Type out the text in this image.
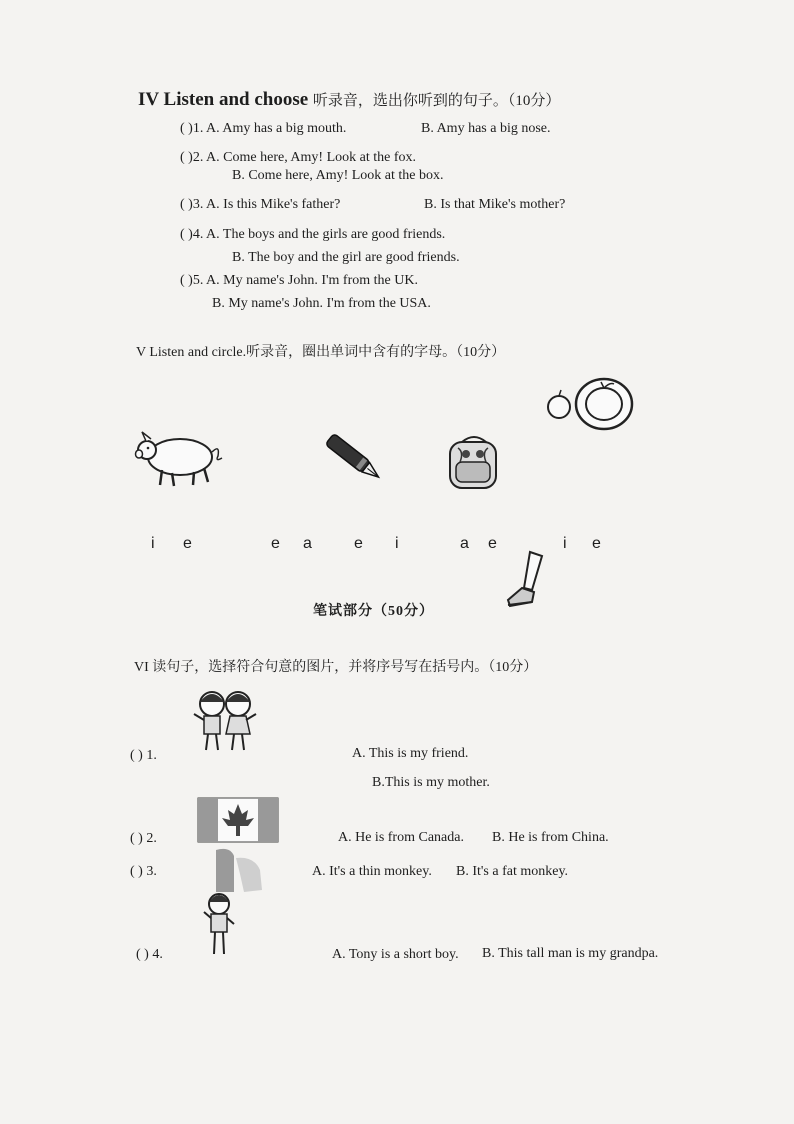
IV Listen and choose 听录音，选出你听到的句子。（10分）
( )1. A. Amy has a big mouth.	B. Amy has a big nose.
( )2. A. Come here, Amy! Look at the fox.
B. Come here, Amy! Look at the box.
( )3. A. Is this Mike's father?	B. Is that Mike's mother?
( )4. A. The boys and the girls are good friends.
B. The boy and the girl are good friends.
( )5. A. My name's John. I'm from the UK.
B. My name's John. I'm from the USA.
V Listen and circle.听录音，圈出单词中含有的字母。（10分）
i e	e a	e i	a e	i e
笔试部分（50分）
VI 读句子，选择符合句意的图片，并将序号写在括号内。（10分）
( ) 1.	A. This is my friend.
B.This is my mother.
( ) 2.	A. He is from Canada. B. He is from China.
( ) 3.	A. It's a thin monkey. B. It's a fat monkey.
( ) 4.	A. Tony is a short boy. B. This tall man is my grandpa.
